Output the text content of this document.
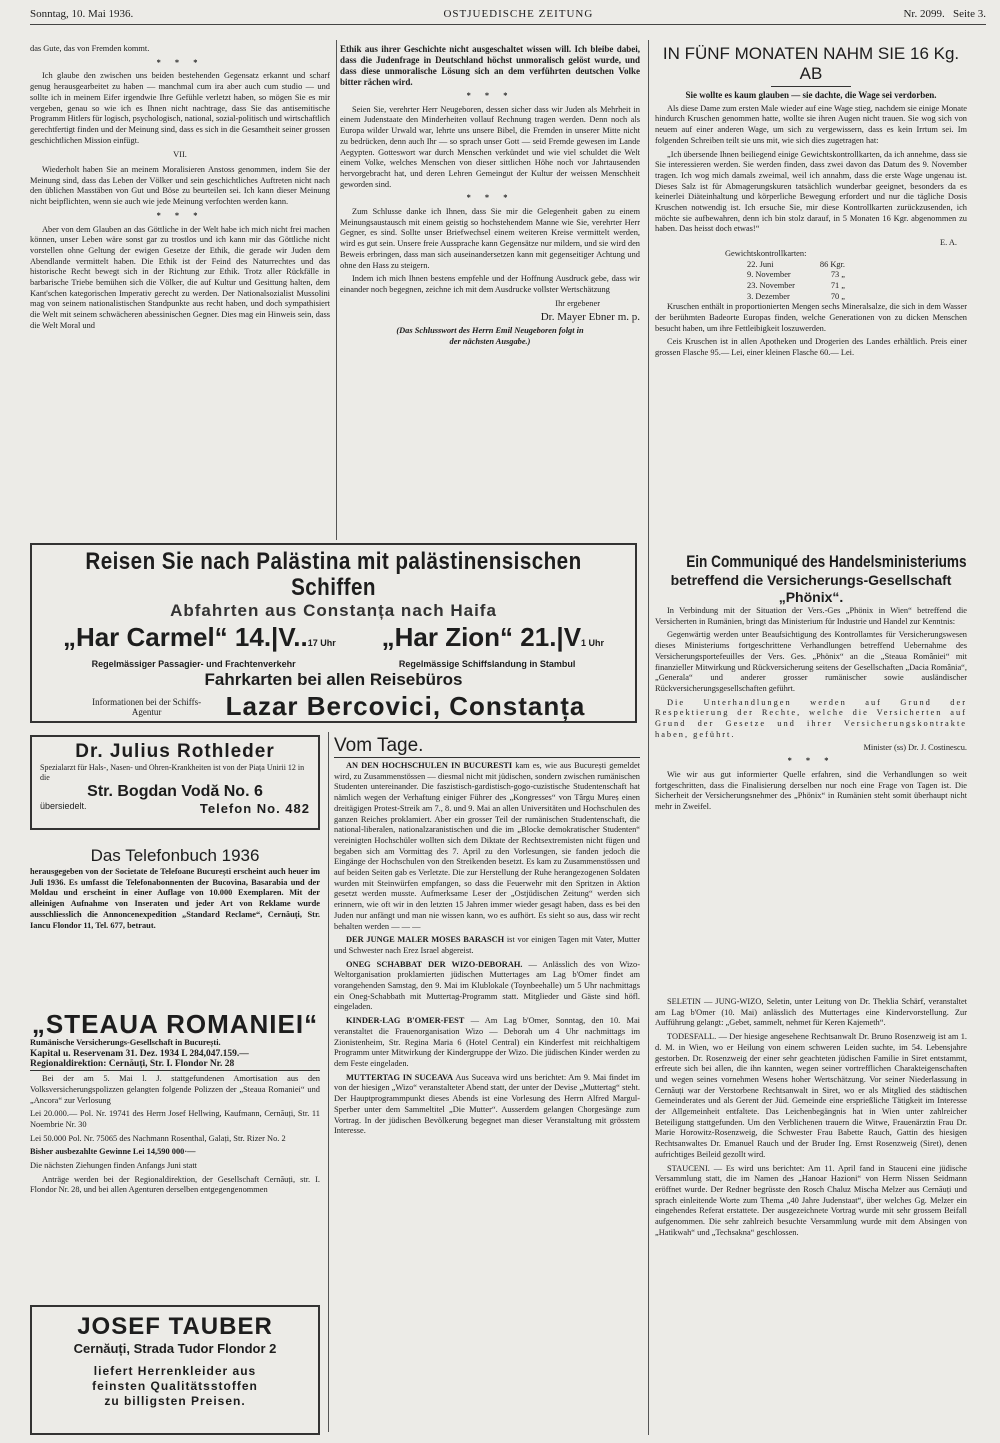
Sonntag, 10. Mai 1936.	OSTJUEDISCHE ZEITUNG	Nr. 2099. Seite 3.

das Gute, das von Fremden kommt.

* * *

Ich glaube den zwischen uns beiden bestehenden Gegensatz erkannt und scharf genug herausgearbeitet zu haben — manchmal cum ira aber auch cum studio — und sollte ich in meinem Eifer irgendwie Ihre Gefühle verletzt haben, so mögen Sie es mir vergeben, genau so wie ich es Ihnen nicht nachtrage, dass Sie das antisemitische Programm Hitlers für logisch, psychologisch, national, sozial-politisch und wirtschaftlich gerechtfertigt finden und der Meinung sind, dass es sich in die Gesamtheit seiner grossen geschichtlichen Mission einfügt.

VII.

Wiederholt haben Sie an meinem Moralisieren Anstoss genommen, indem Sie der Meinung sind, dass das Leben der Völker und sein geschichtliches Auftreten nicht nach den üblichen Masstäben von Gut und Böse zu beurteilen sei. Ich kann dieser Meinung nicht beipflichten, wenn sie auch wie jede Meinung verfochten werden kann.

* * *

Aber von dem Glauben an das Göttliche in der Welt habe ich mich nicht frei machen können, unser Leben wäre sonst gar zu trostlos und ich kann mir das Göttliche nicht vorstellen ohne Geltung der ewigen Gesetze der Ethik, die gerade wir Juden dem Abendlande vermittelt haben. Die Ethik ist der Feind des Naturrechtes und das historische Recht bewegt sich in der Richtung zur Ethik. Trotz aller Rückfälle in barbarische Triebe bemühen sich die Völker, die auf Kultur und Gesittung halten, dem Kant'schen kategorischen Imperativ gerecht zu werden. Der Nationalsozialist Mussolini mag von seinem nationalistischen Standpunkte aus recht haben, und doch sympathisiert die Welt mit seinem schwächeren abessinischen Gegner. Dies mag ein Hinweis sein, dass die Welt Moral und

Ethik aus ihrer Geschichte nicht ausgeschaltet wissen will. Ich bleibe dabei, dass die Judenfrage in Deutschland höchst unmoralisch gelöst wurde, und dass diese unmoralische Lösung sich an dem verführten deutschen Volke bitter rächen wird.

* * *

Seien Sie, verehrter Herr Neugeboren, dessen sicher dass wir Juden als Mehrheit in einem Judenstaate den Minderheiten vollauf Rechnung tragen werden. Denn noch als Europa wilder Urwald war, lehrte uns unsere Bibel, die Fremden in unserer Mitte nicht zu bedrücken, denn auch Ihr — so sprach unser Gott — seid Fremde gewesen im Lande Aegypten. Gotteswort war durch Menschen verkündet und wie viel schuldet die Welt einem Volke, welches Menschen von dieser sittlichen Höhe noch vor Jahrtausenden hervorgebracht hat, und deren Lehren Gemeingut der Kultur der weissen Menschheit geworden sind.

* * *

Zum Schlusse danke ich Ihnen, dass Sie mir die Gelegenheit gaben zu einem Meinungsaustausch mit einem geistig so hochstehendem Manne wie Sie, verehrter Herr Gegner, es sind. Sollte unser Briefwechsel einem weiteren Kreise vermittelt werden, wird es gut sein. Unsere freie Aussprache kann Gegensätze nur mildern, und sie wird den Beweis erbringen, dass man sich auseinandersetzen kann mit gegenseitiger Achtung und ohne den Hass zu steigern.

Indem ich mich Ihnen bestens empfehle und der Hoffnung Ausdruck gebe, dass wir einander noch begegnen, zeichne ich mit dem Ausdrucke vollster Wertschätzung

Ihr ergebener
Dr. Mayer Ebner m. p.
(Das Schlusswort des Herrn Emil Neugeboren folgt in der nächsten Ausgabe.)
IN FÜNF MONATEN NAHM SIE 16 Kg. AB
Sie wollte es kaum glauben — sie dachte, die Wage sei verdorben.

Als diese Dame zum ersten Male wieder auf eine Wage stieg, nachdem sie einige Monate hindurch Kruschen genommen hatte, wollte sie ihren Augen nicht trauen. Sie wog sich von neuem auf einer anderen Wage, um sich zu vergewissern, dass es kein Irrtum sei. Im folgenden Schreiben teilt sie uns mit, wie sich dies zugetragen hat:

„Ich übersende Ihnen beiliegend einige Gewichtskontrollkarten, da ich annehme, dass sie Sie interessieren werden. Sie werden finden, dass zwei davon das Datum des 9. November tragen. Ich wog mich damals zweimal, weil ich annahm, dass die erste Wage ungenau ist. Dieses Salz ist für Abmagerungskuren tatsächlich wunderbar geeignet, besonders da es keinerlei Diäteinhaltung und körperliche Bewegung erfordert und nur die tägliche Dosis Kruschen notwendig ist. Ich ersuche Sie, mir diese Kontrollkarten zurückzusenden, ich möchte sie aufbewahren, denn ich bin stolz darauf, in 5 Monaten 16 Kgr. abgenommen zu haben. Das heisst doch etwas!“

E. A.
Gewichtskontrollkarten:
22. Juni	86 Kgr.
9. November	73 „
23. November	71 „
3. Dezember	70 „

Kruschen enthält in proportionierten Mengen sechs Mineralsalze, die sich in dem Wasser der berühmten Badeorte Europas finden, welche Generationen von zu dicken Menschen besucht haben, um ihre Fettleibigkeit loszuwerden.

Ceis Kruschen ist in allen Apotheken und Drogerien des Landes erhältlich. Preis einer grossen Flasche 95.— Lei, einer kleinen Flasche 60.— Lei.

Reisen Sie nach Palästina mit palästinensischen Schiffen
Abfahrten aus Constanța nach Haifa
„Har Carmel“ 14.|V..17 Uhr „Har Zion“ 21.|V1 Uhr
Regelmässiger Passagier- und Frachtenverkehr	Regelmässige Schiffslandung in Stambul
Fahrkarten bei allen Reisebüros
Informationen bei der Schiffs-Agentur	Lazar Bercovici, Constanța
Ein Communiqué des Handelsministeriums
betreffend die Versicherungs-Gesellschaft „Phönix“.

In Verbindung mit der Situation der Vers.-Ges „Phönix in Wien“ betreffend die Versicherten in Rumänien, bringt das Ministerium für Industrie und Handel zur Kenntnis:

Gegenwärtig werden unter Beaufsichtigung des Kontrollamtes für Versicherungswesen dieses Ministeriums fortgeschrittene Verhandlungen betreffend Uebernahme des Versicherungsportefeuilles der Vers. Ges. „Phönix“ an die „Steaua României“ mit finanzieller Mitwirkung und Rückversicherung seitens der Gesellschaften „Dacia România“, „Generala“ und anderer grosser rumänischer sowie ausländischer Rückversicherungsgesellschaften geführt.

Die Unterhandlungen werden auf Grund der Respektierung der Rechte, welche die Versicherten auf Grund der Gesetze und ihrer Versicherungskontrakte haben, geführt.

Minister (ss) Dr. J. Costinescu.
* * *

Wie wir aus gut informierter Quelle erfahren, sind die Verhandlungen so weit fortgeschritten, dass die Finalisierung derselben nur noch eine Frage von Tagen ist. Die Sicherheit der Versicherungsnehmer des „Phönix“ in Rumänien steht somit überhaupt nicht mehr in Zweifel.

Dr. Julius Rothleder
Spezialarzt für Hals-, Nasen- und Ohren-Krankheiten ist von der Piața Unirii 12 in die
Str. Bogdan Vodă No. 6
übersiedelt.	Telefon No. 482
Das Telefonbuch 1936

herausgegeben von der Societate de Telefoane București erscheint auch heuer im Juli 1936. Es umfasst die Telefonabonnenten der Bucovina, Basarabia und der Moldau und erscheint in einer Auflage von 10.000 Exemplaren. Mit der alleinigen Aufnahme von Inseraten und jeder Art von Reklame wurde ausschliesslich die Annoncenexpedition „Standard Reclame“, Cernăuți, Str. Iancu Flondor 11, Tel. 677, betraut.

„STEAUA ROMANIEI“
Rumänische Versicherungs-Gesellschaft in București.
Kapital u. Reservenam 31. Dez. 1934 L 284,047.159.—
Regionaldirektion: Cernăuți, Str. I. Flondor Nr. 28

Bei der am 5. Mai l. J. stattgefundenen Amortisation aus den Volksversicherungspolizzen gelangten folgende Polizzen der „Steaua Romaniei“ und „Ancora“ zur Verlosung

Lei 20.000.— Pol. Nr. 19741 des Herrn Josef Hellwing, Kaufmann, Cernăuți, Str. 11 Noembrie Nr. 30

Lei 50.000 Pol. Nr. 75065 des Nachmann Rosenthal, Galați, Str. Rizer No. 2

Bisher ausbezahlte Gewinne Lei 14,590 000·—

Die nächsten Ziehungen finden Anfangs Juni statt

Anträge werden bei der Regionaldirektion, der Gesellschaft Cernăuți, str. I. Flondor Nr. 28, und bei allen Agenturen derselben entgegengenommen

JOSEF TAUBER
Cernăuți, Strada Tudor Flondor 2
liefert Herrenkleider aus feinsten Qualitätsstoffen zu billigsten Preisen.
Vom Tage.

AN DEN HOCHSCHULEN IN BUCURESTI kam es, wie aus București gemeldet wird, zu Zusammenstössen — diesmal nicht mit jüdischen, sondern zwischen rumänischen Studenten untereinander. Die faszistisch-gardistisch-gogo-cuzistische Studentenschaft hat nämlich wegen der Verhaftung einiger Führer des „Kongresses“ von Târgu Mureș einen dreitägigen Protest-Streik am 7., 8. und 9. Mai an allen Universitäten und Hochschulen des ganzen Reiches proklamiert. Aber ein grosser Teil der rumänischen Studentenschaft, die national-liberalen, nationalzaranistischen und die im „Blocke demokratischer Studenten“ vereinigten Hochschüler wollten sich dem Diktate der Rechtsextremisten nicht fügen und begaben sich am Vormittag des 7. April zu den Vorlesungen, sie fanden jedoch die Eingänge der Hochschulen von den Streikenden besetzt. Es kam zu Zusammenstössen und auf beiden Seiten gab es Verletzte. Die zur Herstellung der Ruhe herangezogenen Soldaten wurden mit Steinwürfen empfangen, so dass die Feuerwehr mit den Spritzen in Aktion gesetzt werden musste. Aufmerksame Leser der „Ostjüdischen Zeitung“ werden sich erinnern, wie oft wir in den letzten 15 Jahren immer wieder gesagt haben, dass es bei den Juden nur anfängt und man nie wissen kann, wo es aufhört. Es sieht so aus, dass wir recht behalten werden — — —

DER JUNGE MALER MOSES BARASCH ist vor einigen Tagen mit Vater, Mutter und Schwester nach Erez Israel abgereist.

ONEG SCHABBAT DER WIZO-DEBORAH. — Anlässlich des von Wizo-Weltorganisation proklamierten jüdischen Muttertages am Lag b'Omer findet am vorangehenden Samstag, den 9. Mai im Klublokale (Toynbeehalle) um 5 Uhr nachmittags ein Oneg-Schabbath mit Muttertag-Programm statt. Mitglieder und Gäste sind höfl. eingeladen.

KINDER-LAG B'OMER-FEST — Am Lag b'Omer, Sonntag, den 10. Mai veranstaltet die Frauenorganisation Wizo — Deborah um 4 Uhr nachmittags im Zionistenheim, Str. Regina Maria 6 (Hotel Central) ein Kinderfest mit reichhaltigem Programm unter Mitwirkung der Kindergruppe der Wizo. Die jüdischen Kinder werden zu dem Feste eingeladen.

MUTTERTAG IN SUCEAVA Aus Suceava wird uns berichtet: Am 9. Mai findet im von der hiesigen „Wizo“ veranstalteter Abend statt, der unter der Devise „Muttertag“ steht. Der Hauptprogrammpunkt dieses Abends ist eine Vorlesung des Herrn Alfred Margul-Sperber unter dem Sammeltitel „Die Mutter“. Ausserdem gelangen Chorgesänge zum Vortrag. In der jüdischen Bevölkerung begegnet man dieser Veranstaltung mit grösstem Interesse.

SELETIN — JUNG-WIZO, Seletin, unter Leitung von Dr. Theklia Schärf, veranstaltet am Lag b'Omer (10. Mai) anlässlich des Muttertages eine Kindervorstellung. Zur Aufführung gelangt: „Gebet, sammelt, nehmet für Keren Kajemeth“.

TODESFALL. — Der hiesige angesehene Rechtsanwalt Dr. Bruno Rosenzweig ist am 1. d. M. in Wien, wo er Heilung von einem schweren Leiden suchte, im 54. Lebensjahre gestorben. Dr. Rosenzweig der einer sehr geachteten jüdischen Familie in Siret entstammt, erfreute sich bei allen, die ihn kannten, wegen seiner vortrefflichen Charakteigenschaften und wegen seines vornehmen Wesens hoher Wertschätzung. Vor seiner Niederlassung in Cernăuți war der Verstorbene Rechtsanwalt in Siret, wo er als Mitglied des städtischen Gemeinderates und als Gerent der Jüd. Gemeinde eine ersprießliche Tätigkeit im Interesse der Allgemeinheit entfaltete. Das Leichenbegängnis hat in Wien unter zahlreicher Beteiligung stattgefunden. Um den Verblichenen trauern die Witwe, Frauenärztin Frau Dr. Marie Horowitz-Rosenzweig, die Schwester Frau Babette Rauch, Gattin des hiesigen Rechtsanwaltes Dr. Emanuel Rauch und der Bruder Ing. Ernst Rosenzweig (Siret), denen aufrichtiges Beileid gezollt wird.

STAUCENI. — Es wird uns berichtet: Am 11. April fand in Stauceni eine jüdische Versammlung statt, die im Namen des „Hanoar Hazioni“ von Herrn Nissen Seidmann eröffnet wurde. Der Redner begrüsste den Rosch Chaluz Mischa Melzer aus Cernăuți und sprach einleitende Worte zum Thema „40 Jahre Judenstaat“, über welches Gg. Melzer ein eingehendes Referat erstattete. Der ausgezeichnete Vortrag wurde mit sehr grossem Beifall aufgenommen. Die sehr zahlreich besuchte Versammlung wurde mit dem Absingen von „Hatikwah“ und „Techsakna“ geschlossen.
